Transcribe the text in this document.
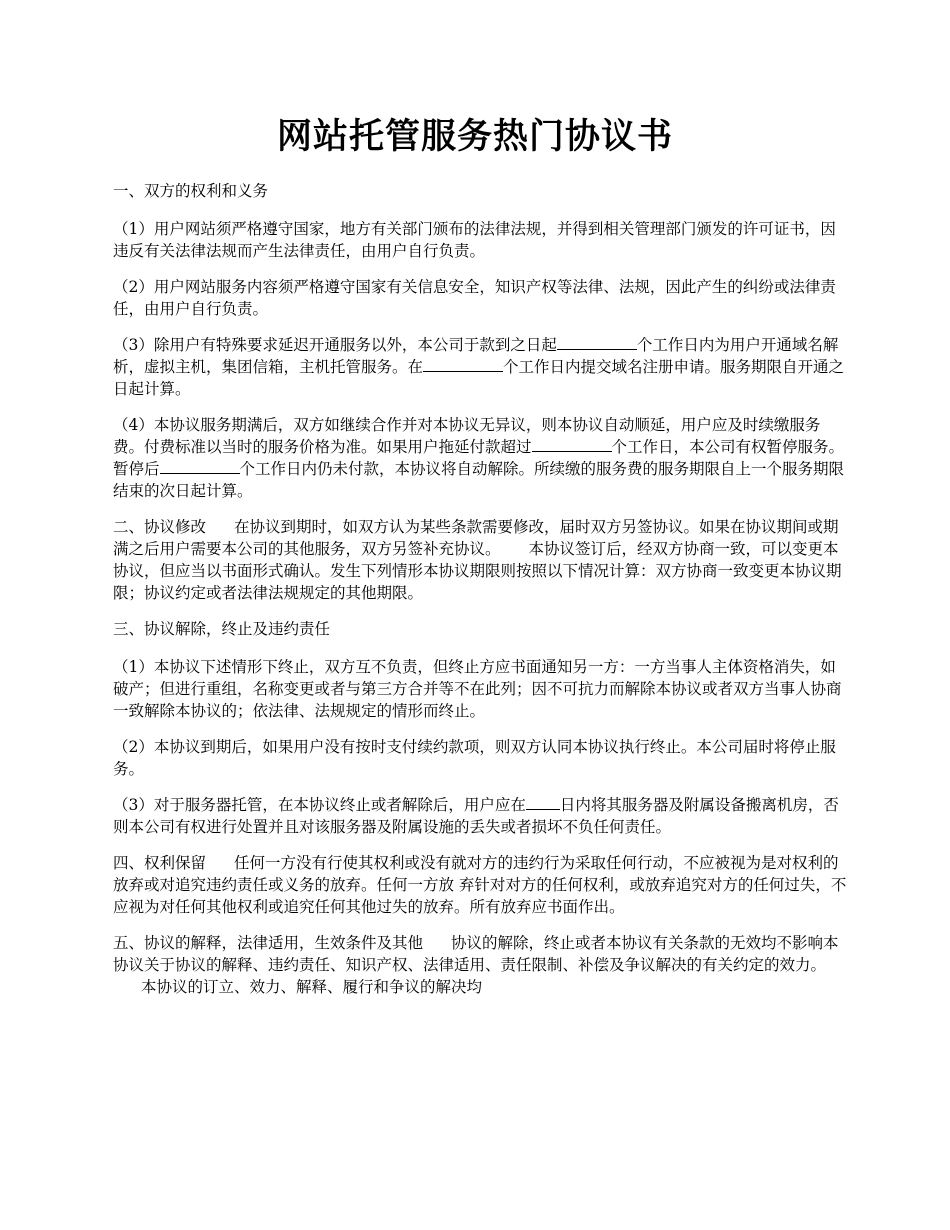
网站托管服务热门协议书

一、双方的权利和义务

（1）用户网站须严格遵守国家，地方有关部门颁布的法律法规，并得到相关管理部门颁发的许可证书，因违反有关法律法规而产生法律责任，由用户自行负责。

（2）用户网站服务内容须严格遵守国家有关信息安全，知识产权等法律、法规，因此产生的纠纷或法律责任，由用户自行负责。

（3）除用户有特殊要求延迟开通服务以外，本公司于款到之日起	个工作日内为用户开通域名解析，虚拟主机，集团信箱，主机托管服务。在	个工作日内提交域名注册申请。服务期限自开通之日起计算。

（4）本协议服务期满后，双方如继续合作并对本协议无异议，则本协议自动顺延，用户应及时续缴服务费。付费标准以当时的服务价格为准。如果用户拖延付款超过	个工作日，本公司有权暂停服务。暂停后	个工作日内仍未付款，本协议将自动解除。所续缴的服务费的服务期限自上一个服务期限结束的次日起计算。

二、协议修改 在协议到期时，如双方认为某些条款需要修改，届时双方另签协议。如果在协议期间或期满之后用户需要本公司的其他服务，双方另签补充协议。 本协议签订后，经双方协商一致，可以变更本协议，但应当以书面形式确认。发生下列情形本协议期限则按照以下情况计算：双方协商一致变更本协议期限；协议约定或者法律法规规定的其他期限。

三、协议解除，终止及违约责任

（1）本协议下述情形下终止，双方互不负责，但终止方应书面通知另一方：一方当事人主体资格消失，如破产；但进行重组，名称变更或者与第三方合并等不在此列；因不可抗力而解除本协议或者双方当事人协商一致解除本协议的；依法律、法规规定的情形而终止。

（2）本协议到期后，如果用户没有按时支付续约款项，则双方认同本协议执行终止。本公司届时将停止服务。

（3）对于服务器托管，在本协议终止或者解除后，用户应在 日内将其服务器及附属设备搬离机房，否则本公司有权进行处置并且对该服务器及附属设施的丢失或者损坏不负任何责任。

四、权利保留 任何一方没有行使其权利或没有就对方的违约行为采取任何行动，不应被视为是对权利的放弃或对追究违约责任或义务的放弃。任何一方放 弃针对对方的任何权利，或放弃追究对方的任何过失，不应视为对任何其他权利或追究任何其他过失的放弃。所有放弃应书面作出。

五、协议的解释，法律适用，生效条件及其他 协议的解除，终止或者本协议有关条款的无效均不影响本协议关于协议的解释、违约责任、知识产权、法律适用、责任限制、补偿及争议解决的有关约定的效力。本协议的订立、效力、解释、履行和争议的解决均
